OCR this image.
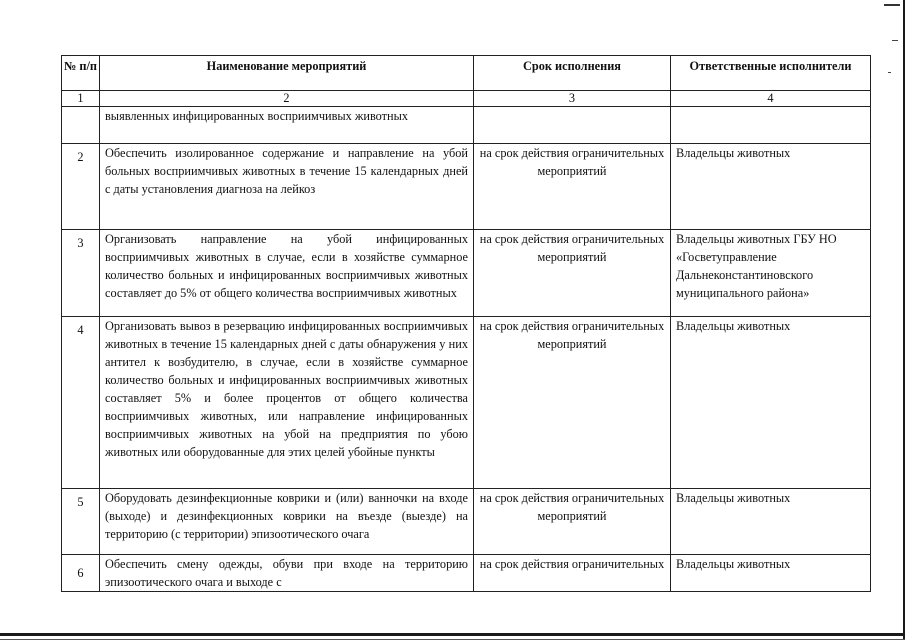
№ п/п	Наименование мероприятий	Срок исполнения	Ответственные исполнители
1	2	3	4
	выявленных инфицированных восприимчивых животных		
2	Обеспечить изолированное содержание и направление на убой больных восприимчивых животных в течение 15 календарных дней с даты установления диагноза на лейкоз	на срок действия ограничительных мероприятий	Владельцы животных
3	Организовать направление на убой инфицированных восприимчивых животных в случае, если в хозяйстве суммарное количество больных и инфицированных восприимчивых животных составляет до 5% от общего количества восприимчивых животных	на срок действия ограничительных мероприятий	Владельцы животных ГБУ НО «Госветуправление Дальнеконстантиновского муниципального района»
4	Организовать вывоз в резервацию инфицированных восприимчивых животных в течение 15 календарных дней с даты обнаружения у них антител к возбудителю, в случае, если в хозяйстве суммарное количество больных и инфицированных восприимчивых животных составляет 5% и более процентов от общего количества восприимчивых животных, или направление инфицированных восприимчивых животных на убой на предприятия по убою животных или оборудованные для этих целей убойные пункты	на срок действия ограничительных мероприятий	Владельцы животных
5	Оборудовать дезинфекционные коврики и (или) ванночки на входе (выходе) и дезинфекционных коврики на въезде (выезде) на территорию (с территории) эпизоотического очага	на срок действия ограничительных мероприятий	Владельцы животных
6	Обеспечить смену одежды, обуви при входе на территорию эпизоотического очага и выходе с	на срок действия ограничительных	Владельцы животных
